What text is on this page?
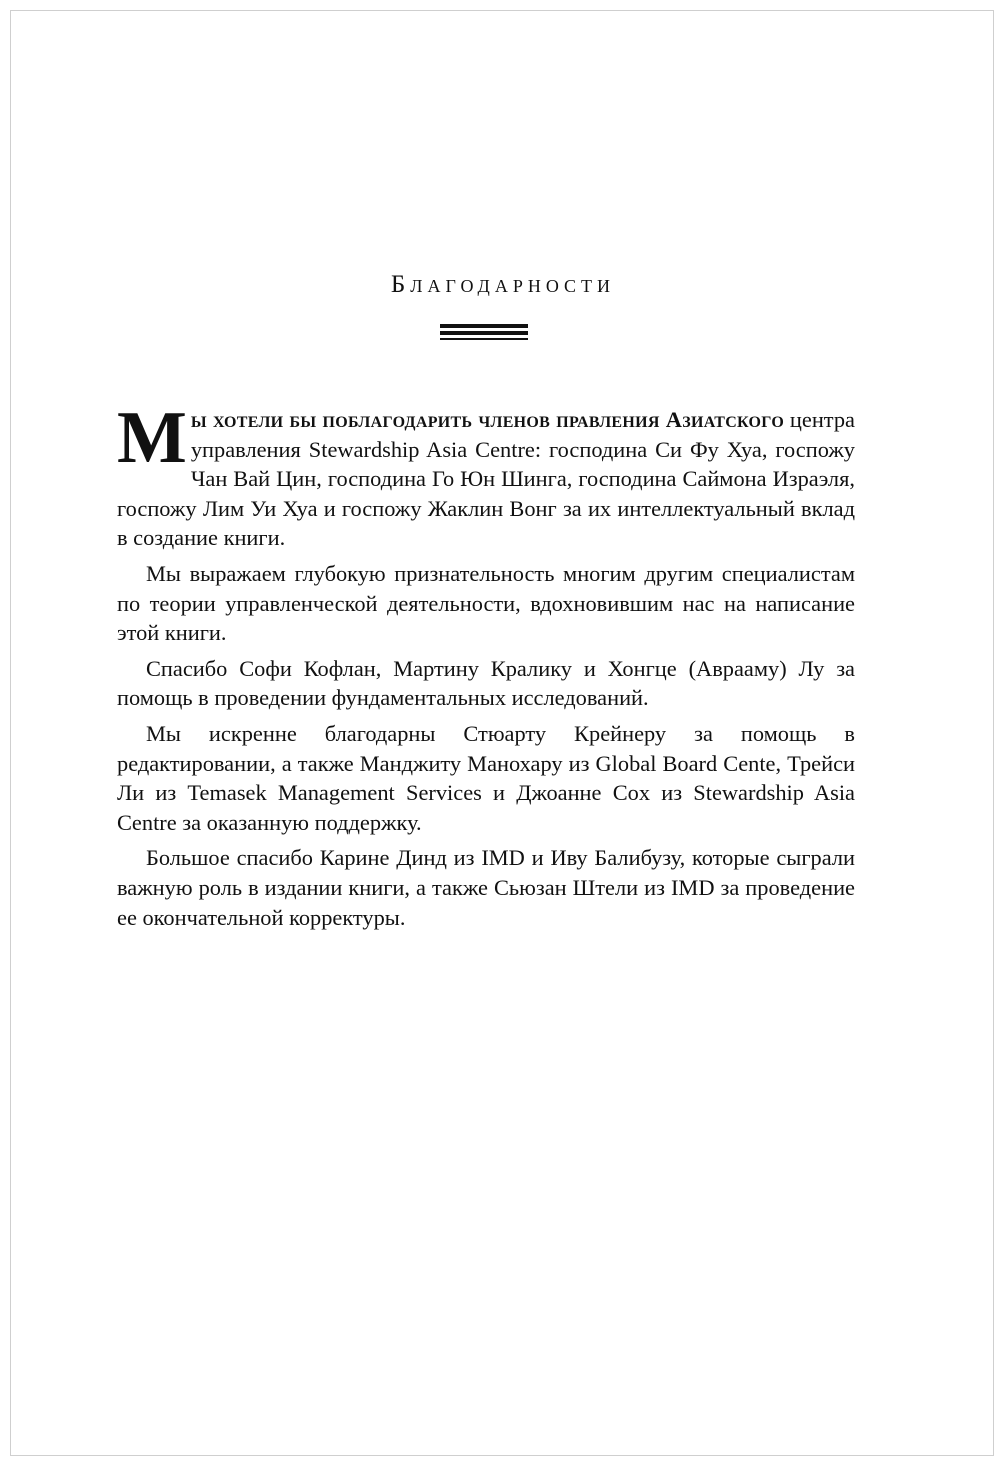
Благодарности

Мы хотели бы поблагодарить членов правления Азиатского центра управления Stewardship Asia Centre: господина Си Фу Хуа, госпожу Чан Вай Цин, господина Го Юн Шинга, господина Саймона Израэля, госпожу Лим Уи Хуа и госпожу Жаклин Вонг за их интеллектуальный вклад в создание книги.

Мы выражаем глубокую признательность многим другим специалистам по теории управленческой деятельности, вдохновившим нас на написание этой книги.

Спасибо Софи Кофлан, Мартину Кралику и Хонгце (Аврааму) Лу за помощь в проведении фундаментальных исследований.

Мы искренне благодарны Стюарту Крейнеру за помощь в редактировании, а также Манджиту Манохару из Global Board Cente, Трейси Ли из Temasek Management Services и Джоанне Cox из Stewardship Asia Centre за оказанную поддержку.

Большое спасибо Карине Динд из IMD и Иву Балибузу, которые сыграли важную роль в издании книги, а также Сьюзан Штели из IMD за проведение ее окончательной корректуры.
